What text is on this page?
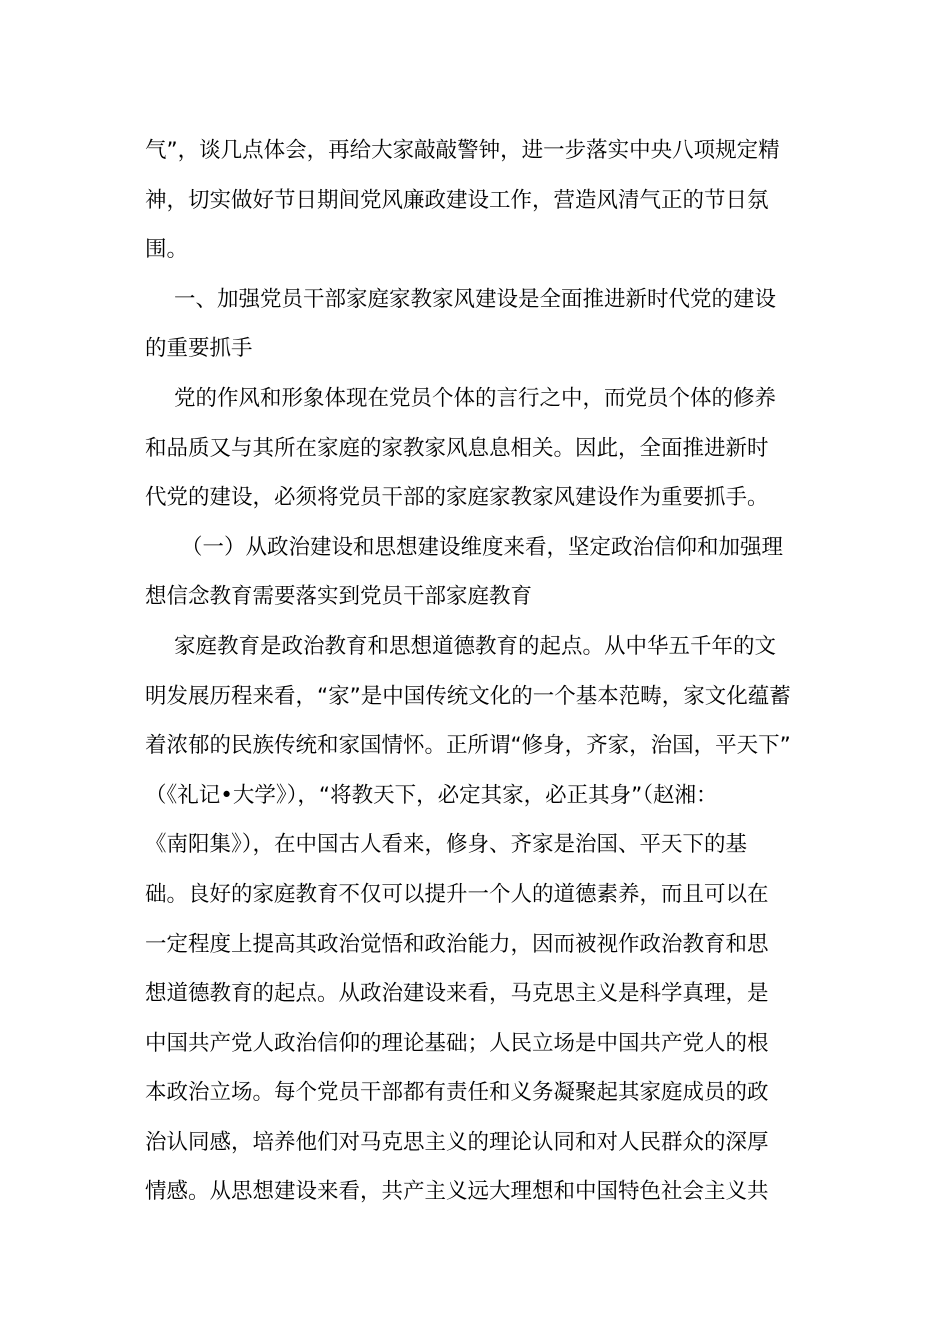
气”，谈几点体会，再给大家敲敲警钟，进一步落实中央八项规定精
神，切实做好节日期间党风廉政建设工作，营造风清气正的节日氛
围。
一、加强党员干部家庭家教家风建设是全面推进新时代党的建设
的重要抓手
党的作风和形象体现在党员个体的言行之中，而党员个体的修养
和品质又与其所在家庭的家教家风息息相关。因此，全面推进新时
代党的建设，必须将党员干部的家庭家教家风建设作为重要抓手。
（一）从政治建设和思想建设维度来看，坚定政治信仰和加强理
想信念教育需要落实到党员干部家庭教育
家庭教育是政治教育和思想道德教育的起点。从中华五千年的文
明发展历程来看，“家”是中国传统文化的一个基本范畴，家文化蕴蓄
着浓郁的民族传统和家国情怀。正所谓“修身，齐家，治国，平天下”
（《礼记•大学》），“将教天下，必定其家，必正其身”（赵湘：
《南阳集》），在中国古人看来，修身、齐家是治国、平天下的基
础。良好的家庭教育不仅可以提升一个人的道德素养，而且可以在
一定程度上提高其政治觉悟和政治能力，因而被视作政治教育和思
想道德教育的起点。从政治建设来看，马克思主义是科学真理，是
中国共产党人政治信仰的理论基础；人民立场是中国共产党人的根
本政治立场。每个党员干部都有责任和义务凝聚起其家庭成员的政
治认同感，培养他们对马克思主义的理论认同和对人民群众的深厚
情感。从思想建设来看，共产主义远大理想和中国特色社会主义共
